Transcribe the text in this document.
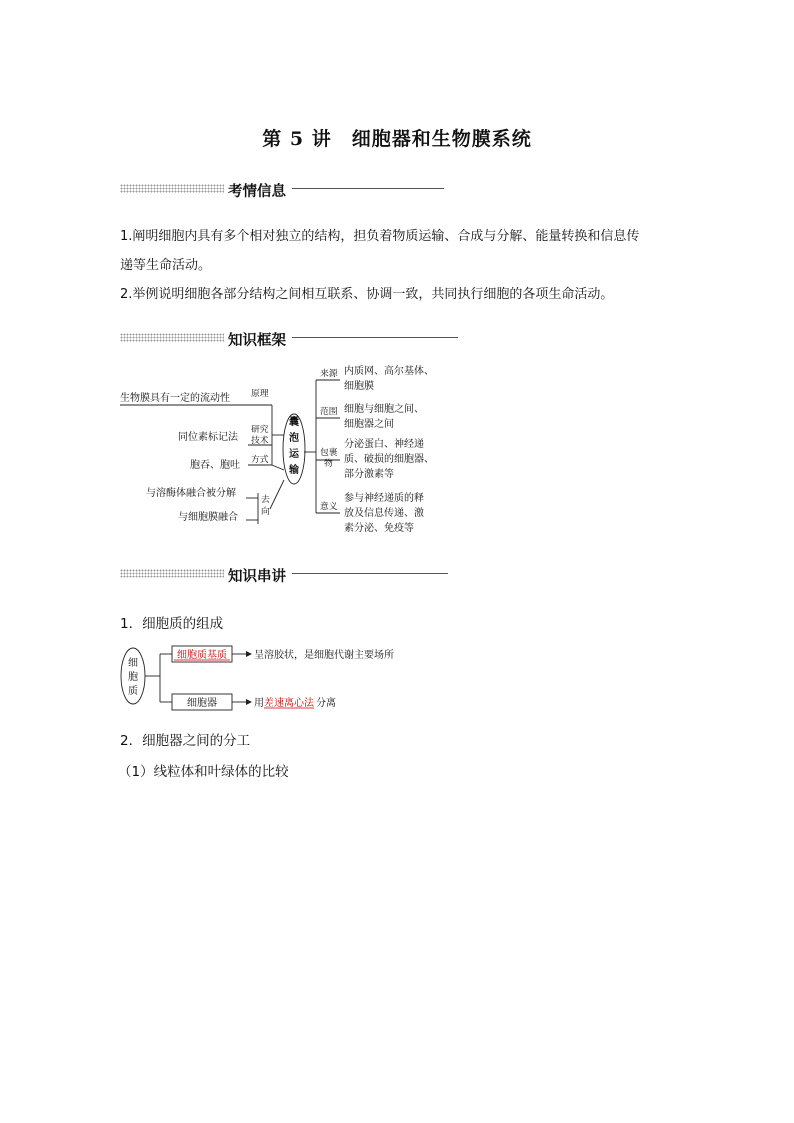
第 5 讲　细胞器和生物膜系统
考情信息
1.阐明细胞内具有多个相对独立的结构，担负着物质运输、合成与分解、能量转换和信息传
递等生命活动。
2.举例说明细胞各部分结构之间相互联系、协调一致，共同执行细胞的各项生命活动。
知识框架
囊
泡
运
输
生物膜具有一定的流动性 原理
同位素标记法
研究
技术
胞吞、胞吐 方式
与溶酶体融合被分解
与细胞膜融合
去
向
来源 内质网、高尔基体、
细胞膜
范围 细胞与细胞之间、
细胞器之间
包裹
物
分泌蛋白、神经递
质、破损的细胞器、
部分激素等
意义
参与神经递质的释
放及信息传递、激
素分泌、免疫等
知识串讲
1．细胞质的组成
细
胞
质
细胞质基质	呈溶胶状，是细胞代谢主要场所
细胞器	用 差速离心法 分离
2．细胞器之间的分工
（1）线粒体和叶绿体的比较
